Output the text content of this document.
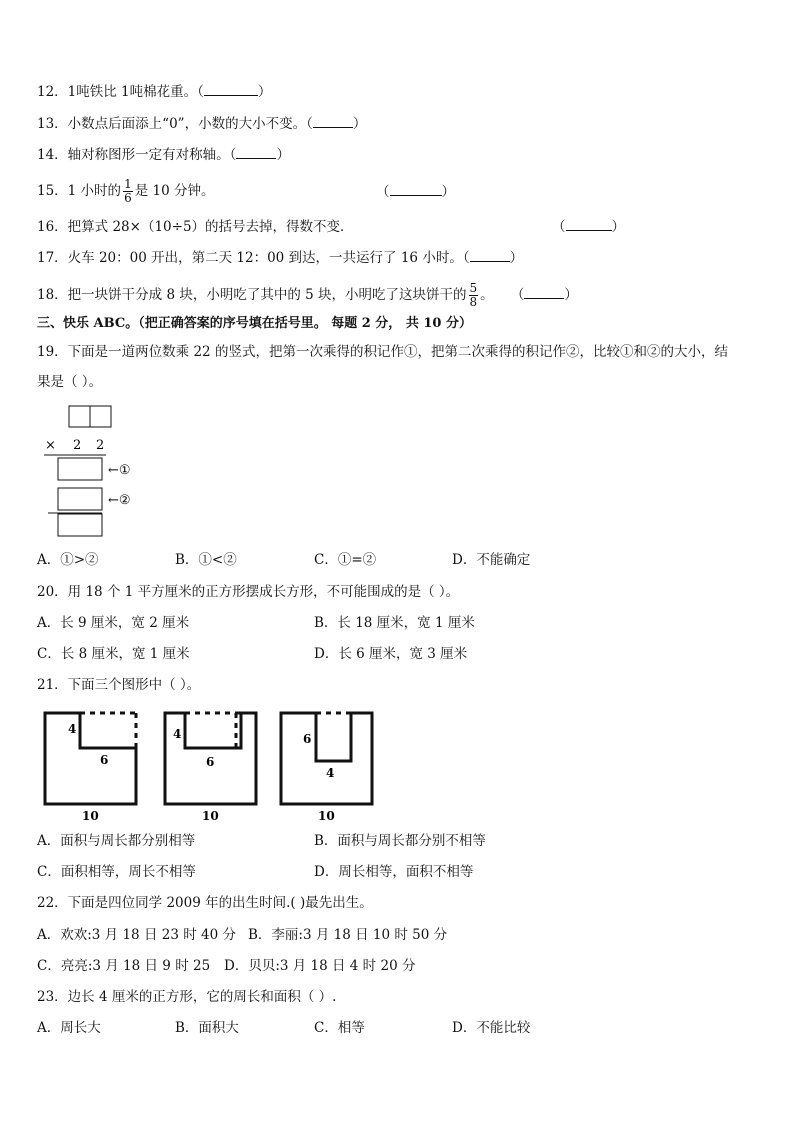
12．1吨铁比 1吨棉花重。（	）
13．小数点后面添上“0”，小数的大小不变。（	）
14．轴对称图形一定有对称轴。（	）
15．1 小时的 $\frac{1}{6}$ 是 10 分钟。	（	）
16．把算式 28×（10÷5）的括号去掉，得数不变．	（	）
17．火车 20：00 开出，第二天 12：00 到达，一共运行了 16 小时。（	）
18．把一块饼干分成 8 块，小明吃了其中的 5 块，小明吃了这块饼干的 $\frac{5}{8}$ 。 （	）
三、快乐 ABC。（把正确答案的序号填在括号里。 每题 2 分， 共 10 分）
19．下面是一道两位数乘 22 的竖式，把第一次乘得的积记作①，把第二次乘得的积记作②，比较①和②的大小，结
果是（ ）。
× 2 2
←①
←②
A．①>②	B．①<②	C．①=②	D．不能确定
20．用 18 个 1 平方厘米的正方形摆成长方形，不可能围成的是（ ）。
A．长 9 厘米，宽 2 厘米	B．长 18 厘米，宽 1 厘米
C．长 8 厘米，宽 1 厘米	D．长 6 厘米，宽 3 厘米
21．下面三个图形中（ ）。
4
6
10
4
6
10
6
4
10
A．面积与周长都分别相等	B．面积与周长都分别不相等
C．面积相等，周长不相等	D．周长相等，面积不相等
22．下面是四位同学 2009 年的出生时间.( )最先出生。
A．欢欢:3 月 18 日 23 时 40 分 B．李丽:3 月 18 日 10 时 50 分
C．亮亮:3 月 18 日 9 时 25 D．贝贝:3 月 18 日 4 时 20 分
23．边长 4 厘米的正方形，它的周长和面积（ ）.
A．周长大	B．面积大	C．相等	D．不能比较
